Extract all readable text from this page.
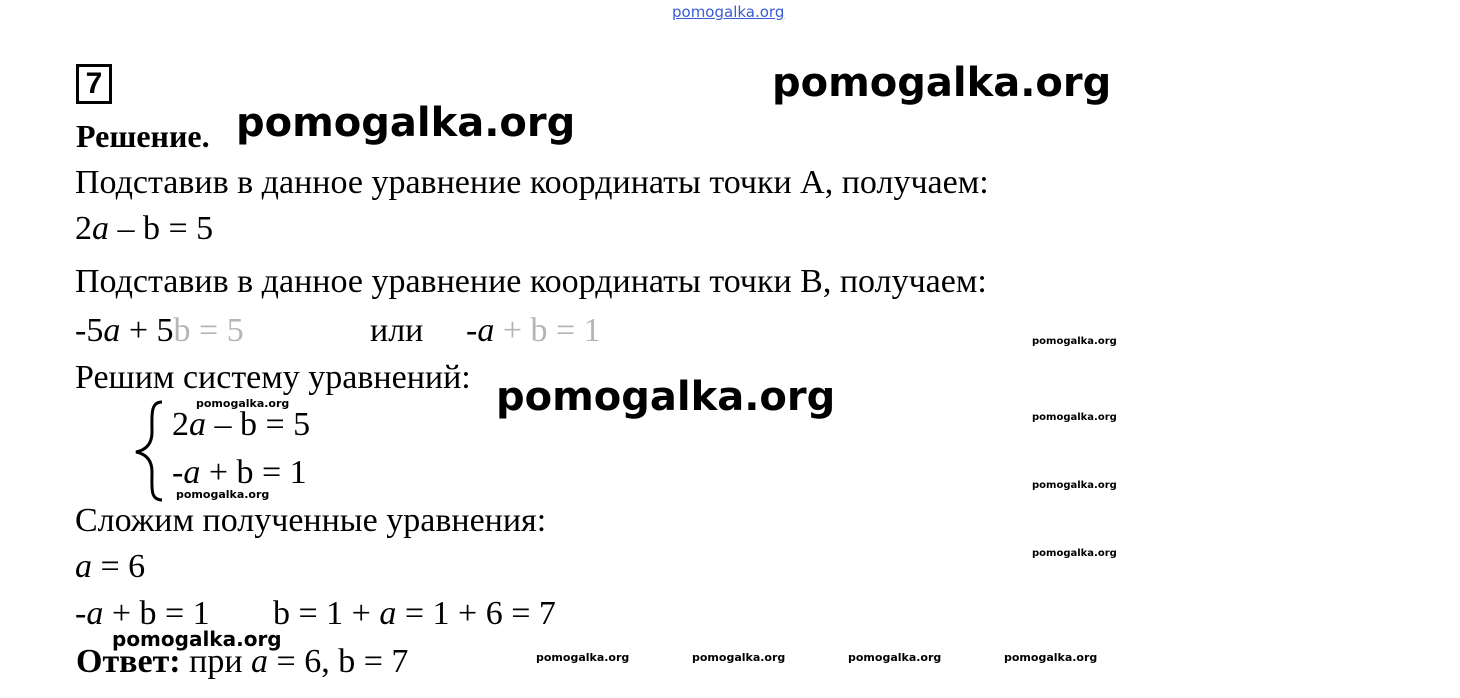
pomogalka.org
7	pomogalka.org
pomogalka.org
pomogalka.org
Решение.
Подставив в данное уравнение координаты точки А, получаем:
2a – b = 5
Подставив в данное уравнение координаты точки В, получаем:
-5a + 5b = 5	или -a + b = 1
Решим систему уравнений:
pomogalka.org
2a – b = 5
-a + b = 1
pomogalka.org
Сложим полученные уравнения:
a = 6
-a + b = 1 b = 1 + a = 1 + 6 = 7
pomogalka.org
Ответ: при a = 6, b = 7
pomogalka.org
pomogalka.org
pomogalka.org
pomogalka.org
pomogalka.org	pomogalka.org	pomogalka.org	pomogalka.org
